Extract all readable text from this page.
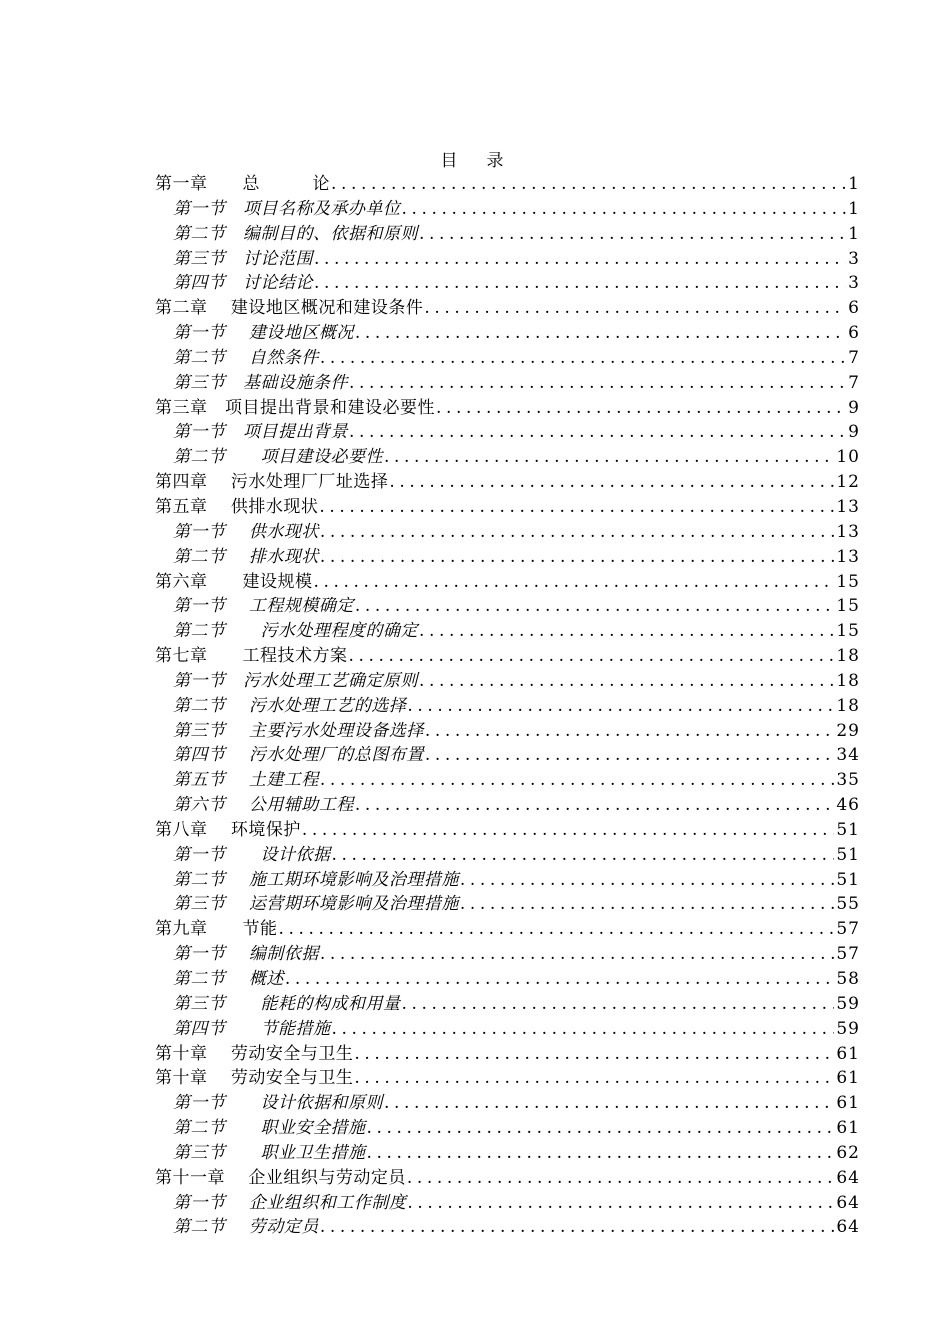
目　录
第一章　　总　　　论 .....	1
第一节　项目名称及承办单位 .....	1
第二节　编制目的、依据和原则 .....	1
第三节　讨论范围 .....	3
第四节　讨论结论 .....	3
第二章　 建设地区概况和建设条件 .....	6
第一节　 建设地区概况 .....	6
第二节　 自然条件 .....	7
第三节　基础设施条件 .....	7
第三章　项目提出背景和建设必要性 .....	9
第一节　项目提出背景 .....	9
第二节　　项目建设必要性 .....	10
第四章　 污水处理厂厂址选择 .....	12
第五章　 供排水现状 .....	13
第一节　 供水现状 .....	13
第二节　 排水现状 .....	13
第六章　　建设规模 .....	15
第一节　 工程规模确定 .....	15
第二节　　污水处理程度的确定 .....	15
第七章　　工程技术方案 .....	18
第一节　污水处理工艺确定原则 .....	18
第二节　 污水处理工艺的选择 .....	18
第三节　 主要污水处理设备选择 .....	29
第四节　 污水处理厂的总图布置 .....	34
第五节　 土建工程 .....	35
第六节　 公用辅助工程 .....	46
第八章　 环境保护 .....	51
第一节　　设计依据 .....	51
第二节　 施工期环境影响及治理措施 .....	51
第三节　 运营期环境影响及治理措施 .....	55
第九章　　节能 .....	57
第一节　 编制依据 .....	57
第二节　 概述 .....	58
第三节　　能耗的构成和用量 .....	59
第四节　　节能措施 .....	59
第十章　 劳动安全与卫生 .....	61
第十章　 劳动安全与卫生 .....	61
第一节　　设计依据和原则 .....	61
第二节　　职业安全措施 .....	61
第三节　　职业卫生措施 .....	62
第十一章　 企业组织与劳动定员 .....	64
第一节　 企业组织和工作制度 .....	64
第二节　 劳动定员 .....	64
